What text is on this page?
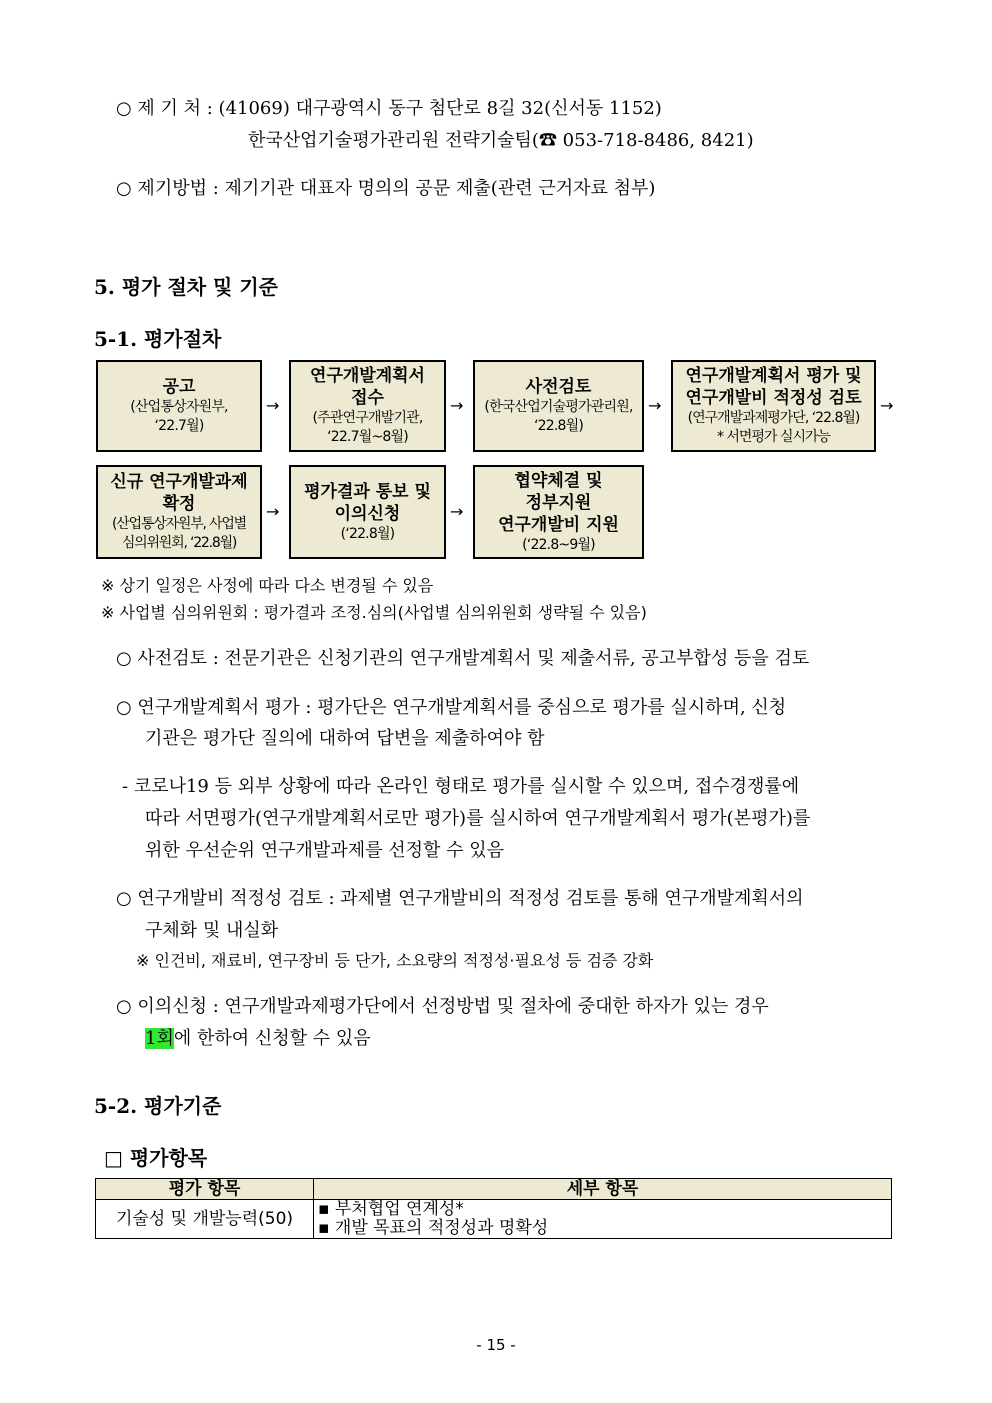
○ 제 기 처 : (41069) 대구광역시 동구 첨단로 8길 32(신서동 1152)
한국산업기술평가관리원 전략기술팀(☎ 053-718-8486, 8421)
○ 제기방법 : 제기기관 대표자 명의의 공문 제출(관련 근거자료 첨부)
5. 평가 절차 및 기준
5-1. 평가절차
공고
(산업통상자원부,
‘22.7월)
→
연구개발계획서
접수
(주관연구개발기관,
‘22.7월~8월)
→
사전검토
(한국산업기술평가관리원,
‘22.8월)
→
연구개발계획서 평가 및
연구개발비 적정성 검토
(연구개발과제평가단, ‘22.8월)
* 서면평가 실시가능
→
신규 연구개발과제
확정
(산업통상자원부, 사업별
심의위원회, ‘22.8월)
→
평가결과 통보 및
이의신청
(‘22.8월)
→
협약체결 및
정부지원
연구개발비 지원
(‘22.8~9월)
※ 상기 일정은 사정에 따라 다소 변경될 수 있음
※ 사업별 심의위원회 : 평가결과 조정.심의(사업별 심의위원회 생략될 수 있음)
○ 사전검토 : 전문기관은 신청기관의 연구개발계획서 및 제출서류, 공고부합성 등을 검토
○ 연구개발계획서 평가 : 평가단은 연구개발계획서를 중심으로 평가를 실시하며, 신청
기관은 평가단 질의에 대하여 답변을 제출하여야 함
- 코로나19 등 외부 상황에 따라 온라인 형태로 평가를 실시할 수 있으며, 접수경쟁률에
따라 서면평가(연구개발계획서로만 평가)를 실시하여 연구개발계획서 평가(본평가)를
위한 우선순위 연구개발과제를 선정할 수 있음
○ 연구개발비 적정성 검토 : 과제별 연구개발비의 적정성 검토를 통해 연구개발계획서의
구체화 및 내실화
※ 인건비, 재료비, 연구장비 등 단가, 소요량의 적정성·필요성 등 검증 강화
○ 이의신청 : 연구개발과제평가단에서 선정방법 및 절차에 중대한 하자가 있는 경우
1회에 한하여 신청할 수 있음
5-2. 평가기준
□ 평가항목
평가 항목	세부 항목
기술성 및 개발능력(50)	▪ 부처협업 연계성*
▪ 개발 목표의 적정성과 명확성
- 15 -
